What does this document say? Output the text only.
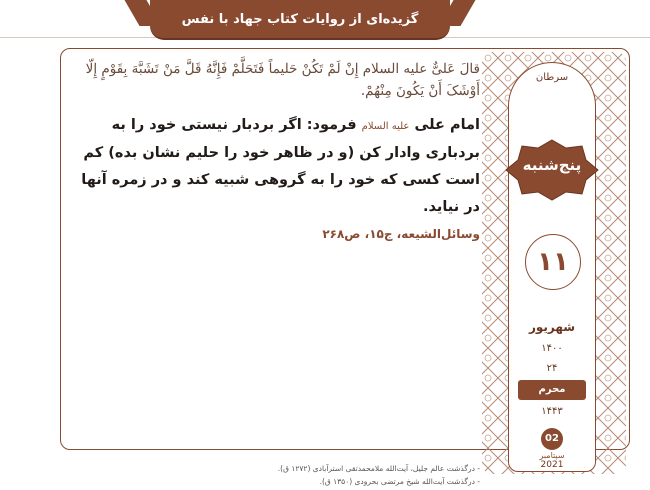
گزیده‌ای از روایات کتاب جهاد با نفس
سرطان
پنج‌شنبه
۱۱
شهریور
۱۴۰۰
۲۴
محرم
۱۴۴۳
02
سپتامبر
2021
قالَ عَلیٌّ عليه السلام إِنْ لَمْ تَکُنْ حَلیماً فَتَحَلَّمْ فَإِنَّهُ قَلَّ مَنْ تَشَبَّهَ بِقَوْمٍ إِلّا أَوْشَکَ أَنْ یَکُونَ مِنْهُمْ.
امام علی عليه السلام فرمود: اگر بردبار نیستی خود را به بردباری وادار کن (و در ظاهر خود را حلیم نشان بده) کم است کسی که خود را به گروهی شبیه کند و در زمره آنها در نیاید.
وسائل‌الشیعه، ج۱۵، ص۲۶۸
- درگذشت عالم جلیل، آیت‌الله ملامحمدتقی استرآبادی (۱۲۷۲ ق).
- درگذشت آیت‌الله شیخ مرتضی بحرودی (۱۳۵۰ ق).
